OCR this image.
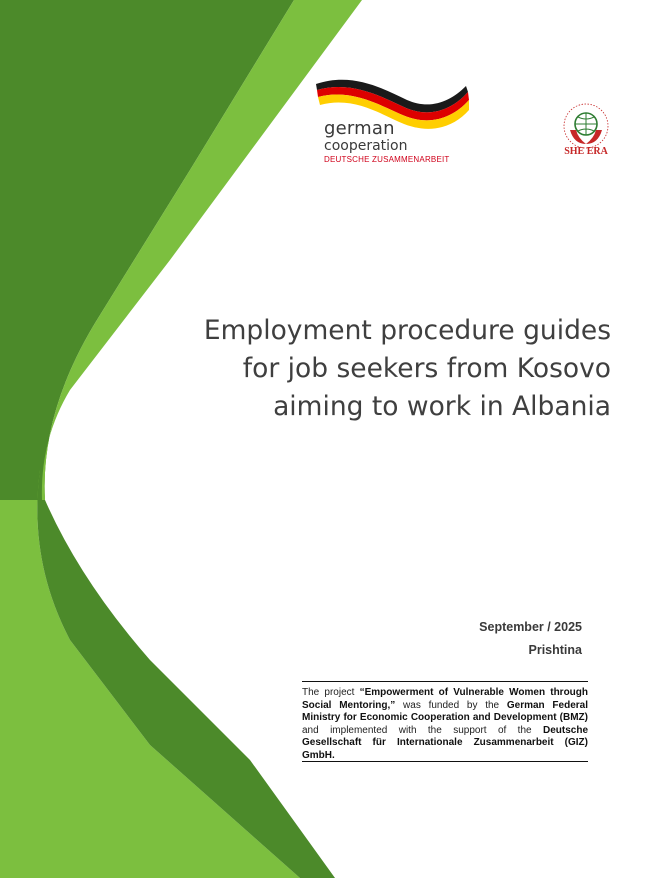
german
cooperation
DEUTSCHE ZUSAMMENARBEIT
SHE ERA
Employment procedure guides
for job seekers from Kosovo
aiming to work in Albania
September / 2025
Prishtina

The project “Empowerment of Vulnerable Women through Social Mentoring,” was funded by the German Federal Ministry for Economic Cooperation and Development (BMZ) and implemented with the support of the Deutsche Gesellschaft für Internationale Zusammenarbeit (GIZ) GmbH.
